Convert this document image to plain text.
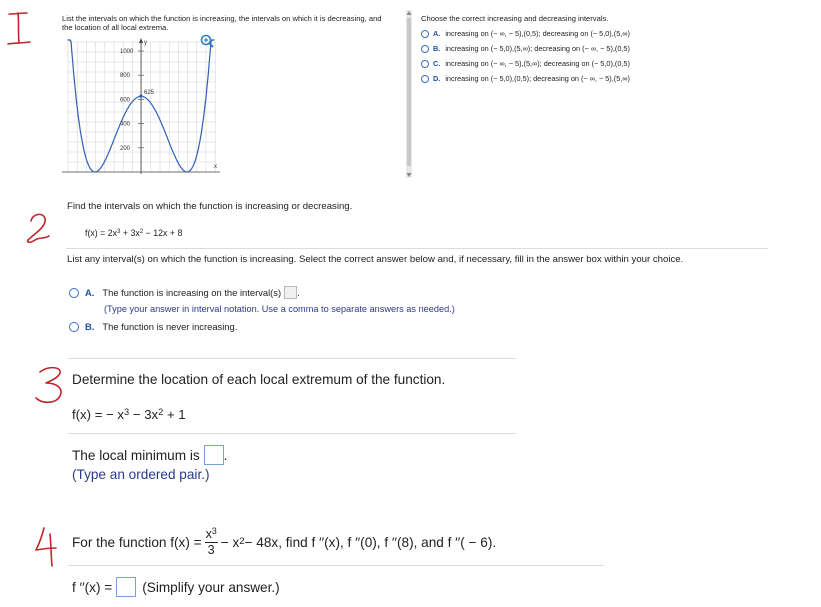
List the intervals on which the function is increasing, the intervals on which it is decreasing, and the location of all local extrema.
1000
800
600
400
200
625
y
x
Choose the correct increasing and decreasing intervals.
A. increasing on (− ∞, − 5),(0,5); decreasing on (− 5,0),(5,∞)
B. increasing on (− 5,0),(5,∞); decreasing on (− ∞, − 5),(0,5)
C. increasing on (− ∞, − 5),(5,∞); decreasing on (− 5,0),(0,5)
D. increasing on (− 5,0),(0,5); decreasing on (− ∞, − 5),(5,∞)
Find the intervals on which the function is increasing or decreasing.
$f(x) = 2x^3 + 3x^2 - 12x + 8$
List any interval(s) on which the function is increasing. Select the correct answer below and, if necessary, fill in the answer box within your choice.
A. The function is increasing on the interval(s) .
(Type your answer in interval notation. Use a comma to separate answers as needed.)
B. The function is never increasing.
Determine the location of each local extremum of the function.
f(x) = − $x^3 - 3x^2 + 1$
The local minimum is .
(Type an ordered pair.)
For the function $f(x) = \frac{x^3}{3} - x$ 2 − 48x, find f ′′(x), f ′′(0), f ′′(8), and f ′′( − 6).
f ′′(x) = (Simplify your answer.)
